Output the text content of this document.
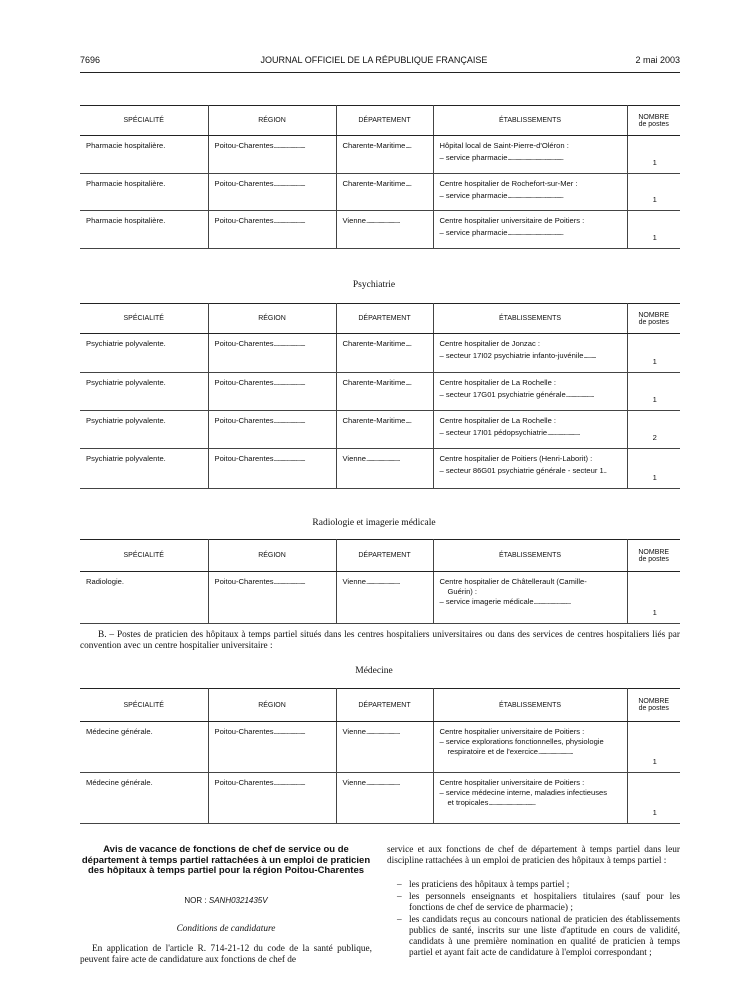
7696	JOURNAL OFFICIEL DE LA RÉPUBLIQUE FRANÇAISE	2 mai 2003
SPÉCIALITÉ	RÉGION	DÉPARTEMENT	ÉTABLISSEMENTS	NOMBRE
de postes
Pharmacie hospitalière.	Poitou-Charentes............................	Charente-Maritime.....	Hôpital local de Saint-Pierre-d'Oléron :
– service pharmacie..................................................	1
Pharmacie hospitalière.	Poitou-Charentes............................	Charente-Maritime.....	Centre hospitalier de Rochefort-sur-Mer :
– service pharmacie..................................................	1
Pharmacie hospitalière.	Poitou-Charentes............................	Vienne..............................	Centre hospitalier universitaire de Poitiers :
– service pharmacie..................................................	1
Psychiatrie
SPÉCIALITÉ	RÉGION	DÉPARTEMENT	ÉTABLISSEMENTS	NOMBRE
de postes
Psychiatrie polyvalente.	Poitou-Charentes............................	Charente-Maritime.....	Centre hospitalier de Jonzac :
– secteur 17I02 psychiatrie infanto-juvénile...........	1
Psychiatrie polyvalente.	Poitou-Charentes............................	Charente-Maritime.....	Centre hospitalier de La Rochelle :
– secteur 17G01 psychiatrie générale.........................	1
Psychiatrie polyvalente.	Poitou-Charentes............................	Charente-Maritime.....	Centre hospitalier de La Rochelle :
– secteur 17I01 pédopsychiatrie.............................	2
Psychiatrie polyvalente.	Poitou-Charentes............................	Vienne..............................	Centre hospitalier de Poitiers (Henri-Laborit) :
– secteur 86G01 psychiatrie générale - secteur 1..	1
Radiologie et imagerie médicale
SPÉCIALITÉ	RÉGION	DÉPARTEMENT	ÉTABLISSEMENTS	NOMBRE
de postes
Radiologie.	Poitou-Charentes............................	Vienne..............................	Centre hospitalier de Châtellerault (Camille-
Guérin) :
– service imagerie médicale.................................	1
B. – Postes de praticien des hôpitaux à temps partiel situés dans les centres hospitaliers universitaires ou dans des services de centres hospitaliers liés par convention avec un centre hospitalier universitaire :
Médecine
SPÉCIALITÉ	RÉGION	DÉPARTEMENT	ÉTABLISSEMENTS	NOMBRE
de postes
Médecine générale.	Poitou-Charentes............................	Vienne..............................	Centre hospitalier universitaire de Poitiers :
– service explorations fonctionnelles, physiologie
respiratoire et de l'exercice...............................	1
Médecine générale.	Poitou-Charentes............................	Vienne..............................	Centre hospitalier universitaire de Poitiers :
– service médecine interne, maladies infectieuses
et tropicales..........................................	1
Avis de vacance de fonctions de chef de service ou de département à temps partiel rattachées à un emploi de praticien des hôpitaux à temps partiel pour la région Poitou-Charentes
NOR : SANH0321435V
Conditions de candidature
En application de l'article R. 714-21-12 du code de la santé publique, peuvent faire acte de candidature aux fonctions de chef de
service et aux fonctions de chef de département à temps partiel dans leur discipline rattachées à un emploi de praticien des hôpitaux à temps partiel :
– les praticiens des hôpitaux à temps partiel ;
– les personnels enseignants et hospitaliers titulaires (sauf pour les fonctions de chef de service de pharmacie) ;
– les candidats reçus au concours national de praticien des établissements publics de santé, inscrits sur une liste d'aptitude en cours de validité, candidats à une première nomination en qualité de praticien à temps partiel et ayant fait acte de candidature à l'emploi correspondant ;
